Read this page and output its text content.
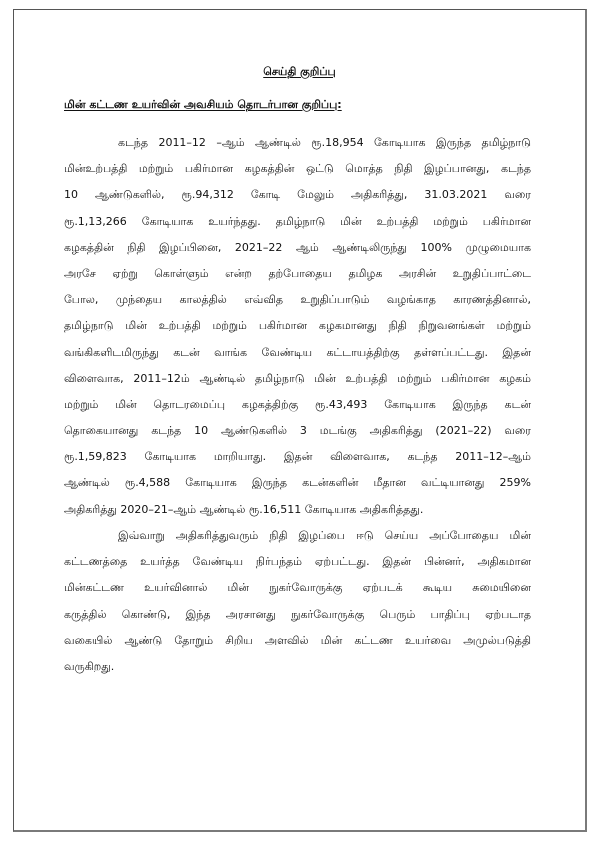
செய்தி குறிப்பு
மின் கட்டண உயர்வின் அவசியம் தொடர்பான குறிப்பு:
கடந்த 2011–12 –ஆம் ஆண்டில் ரூ.18,954 கோடியாக இருந்த தமிழ்நாடு
மின்உற்பத்தி மற்றும் பகிர்மான கழகத்தின் ஒட்டு மொத்த நிதி இழப்பானது, கடந்த
10 ஆண்டுகளில், ரூ.94,312 கோடி மேலும் அதிகரித்து, 31.03.2021 வரை
ரூ.1,13,266 கோடியாக உயர்ந்தது. தமிழ்நாடு மின் உற்பத்தி மற்றும் பகிர்மான
கழகத்தின் நிதி இழப்பினை, 2021–22 ஆம் ஆண்டிலிருந்து 100% முழுமையாக
அரசே ஏற்று கொள்ளும் என்ற தற்போதைய தமிழக அரசின் உறுதிப்பாட்டை
போல, முந்தைய காலத்தில் எவ்வித உறுதிப்பாடும் வழங்காத காரணத்தினால்,
தமிழ்நாடு மின் உற்பத்தி மற்றும் பகிர்மான கழகமானது நிதி நிறுவனங்கள் மற்றும்
வங்கிகளிடமிருந்து கடன் வாங்க வேண்டிய கட்டாயத்திற்கு தள்ளப்பட்டது. இதன்
விளைவாக, 2011–12ம் ஆண்டில் தமிழ்நாடு மின் உற்பத்தி மற்றும் பகிர்மான கழகம்
மற்றும் மின் தொடரமைப்பு கழகத்திற்கு ரூ.43,493 கோடியாக இருந்த கடன்
தொகையானது கடந்த 10 ஆண்டுகளில் 3 மடங்கு அதிகரித்து (2021–22) வரை
ரூ.1,59,823 கோடியாக மாறியாது. இதன் விளைவாக, கடந்த 2011–12–ஆம்
ஆண்டில் ரூ.4,588 கோடியாக இருந்த கடன்களின் மீதான வட்டியானது 259%
அதிகரித்து 2020–21–ஆம் ஆண்டில் ரூ.16,511 கோடியாக அதிகரித்தது.
இவ்வாறு அதிகரித்துவரும் நிதி இழப்பை ஈடு செய்ய அப்போதைய மின்
கட்டணத்தை உயர்த்த வேண்டிய நிர்பந்தம் ஏற்பட்டது. இதன் பின்னர், அதிகமான
மின்கட்டண உயர்வினால் மின் நுகர்வோருக்கு ஏற்படக் கூடிய சுமையினை
கருத்தில் கொண்டு, இந்த அரசானது நுகர்வோருக்கு பெரும் பாதிப்பு ஏற்படாத
வகையில் ஆண்டு தோறும் சிறிய அளவில் மின் கட்டண உயர்வை அமுல்படுத்தி
வருகிறது.
